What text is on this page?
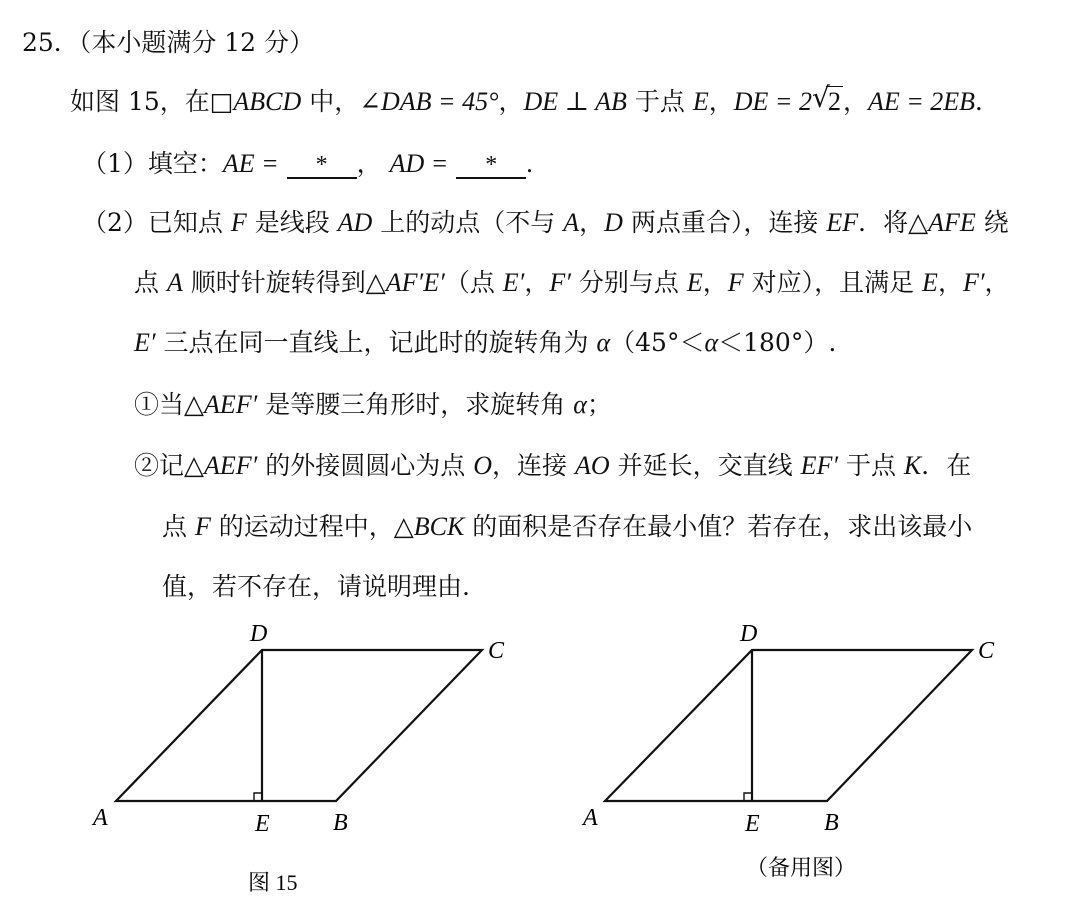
25．（本小题满分 12 分）
如图 15，在□ABCD 中，∠DAB = 45°，DE ⊥ AB 于点 E，DE = 2 √
2，AE = 2EB．
（1）填空：AE = * ， AD = * .
（2）已知点 F 是线段 AD 上的动点（不与 A，D 两点重合），连接 EF．将△AFE 绕
点 A 顺时针旋转得到△AF′E′（点 E′，F′ 分别与点 E，F 对应），且满足 E，F′，
E′ 三点在同一直线上，记此时的旋转角为 α（45°＜α＜180°）.
①当△AEF′ 是等腰三角形时，求旋转角 α；
②记△AEF′ 的外接圆圆心为点 O，连接 AO 并延长，交直线 EF′ 于点 K．在
点 F 的运动过程中，△BCK 的面积是否存在最小值？若存在，求出该最小
值，若不存在，请说明理由.
A
D
C
E	B
图 15
A
D
C
E	B
（备用图）
